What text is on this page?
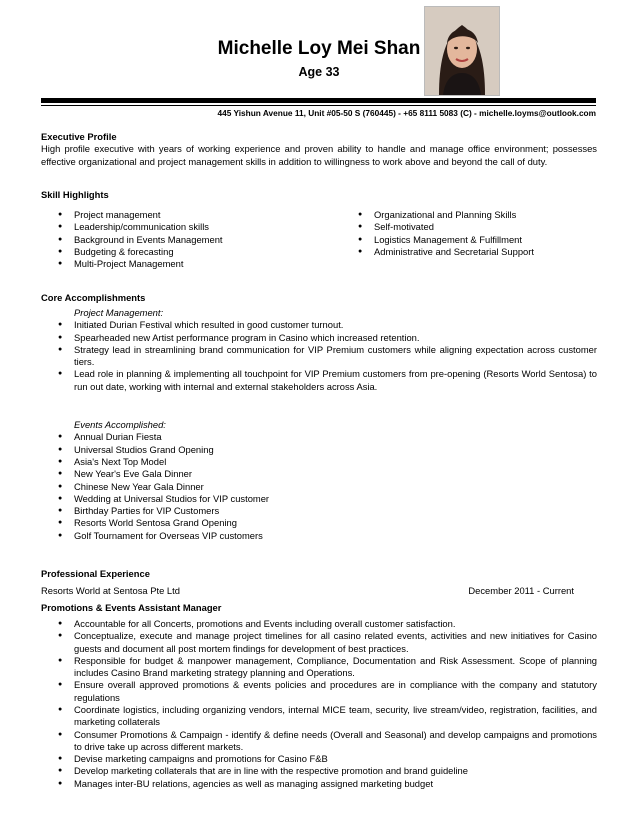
Michelle Loy Mei Shan
Age 33
445 Yishun Avenue 11, Unit #05-50 S (760445) - +65 8111 5083 (C) - michelle.loyms@outlook.com
Executive Profile

High profile executive with years of working experience and proven ability to handle and manage office environment; possesses effective organizational and project management skills in addition to willingness to work above and beyond the call of duty.

Skill Highlights
● Project management
● Leadership/communication skills
● Background in Events Management
● Budgeting & forecasting
● Multi-Project Management
● Organizational and Planning Skills
● Self-motivated
● Logistics Management & Fulfillment
● Administrative and Secretarial Support
Core Accomplishments

Project Management:

● Initiated Durian Festival which resulted in good customer turnout.
● Spearheaded new Artist performance program in Casino which increased retention.
● Strategy lead in streamlining brand communication for VIP Premium customers while aligning expectation across customer tiers.
● Lead role in planning & implementing all touchpoint for VIP Premium customers from pre-opening (Resorts World Sentosa) to run out date, working with internal and external stakeholders across Asia.

Events Accomplished:

● Annual Durian Fiesta
● Universal Studios Grand Opening
● Asia's Next Top Model
● New Year's Eve Gala Dinner
● Chinese New Year Gala Dinner
● Wedding at Universal Studios for VIP customer
● Birthday Parties for VIP Customers
● Resorts World Sentosa Grand Opening
● Golf Tournament for Overseas VIP customers
Professional Experience
Resorts World at Sentosa Pte Ltd	December 2011 - Current
Promotions & Events Assistant Manager
● Accountable for all Concerts, promotions and Events including overall customer satisfaction.
● Conceptualize, execute and manage project timelines for all casino related events, activities and new initiatives for Casino guests and document all post mortem findings for development of best practices.
● Responsible for budget & manpower management, Compliance, Documentation and Risk Assessment. Scope of planning includes Casino Brand marketing strategy planning and Operations.
● Ensure overall approved promotions & events policies and procedures are in compliance with the company and statutory regulations
● Coordinate logistics, including organizing vendors, internal MICE team, security, live stream/video, registration, facilities, and marketing collaterals
● Consumer Promotions & Campaign - identify & define needs (Overall and Seasonal) and develop campaigns and promotions to drive take up across different markets.
● Devise marketing campaigns and promotions for Casino F&B
● Develop marketing collaterals that are in line with the respective promotion and brand guideline
● Manages inter-BU relations, agencies as well as managing assigned marketing budget
